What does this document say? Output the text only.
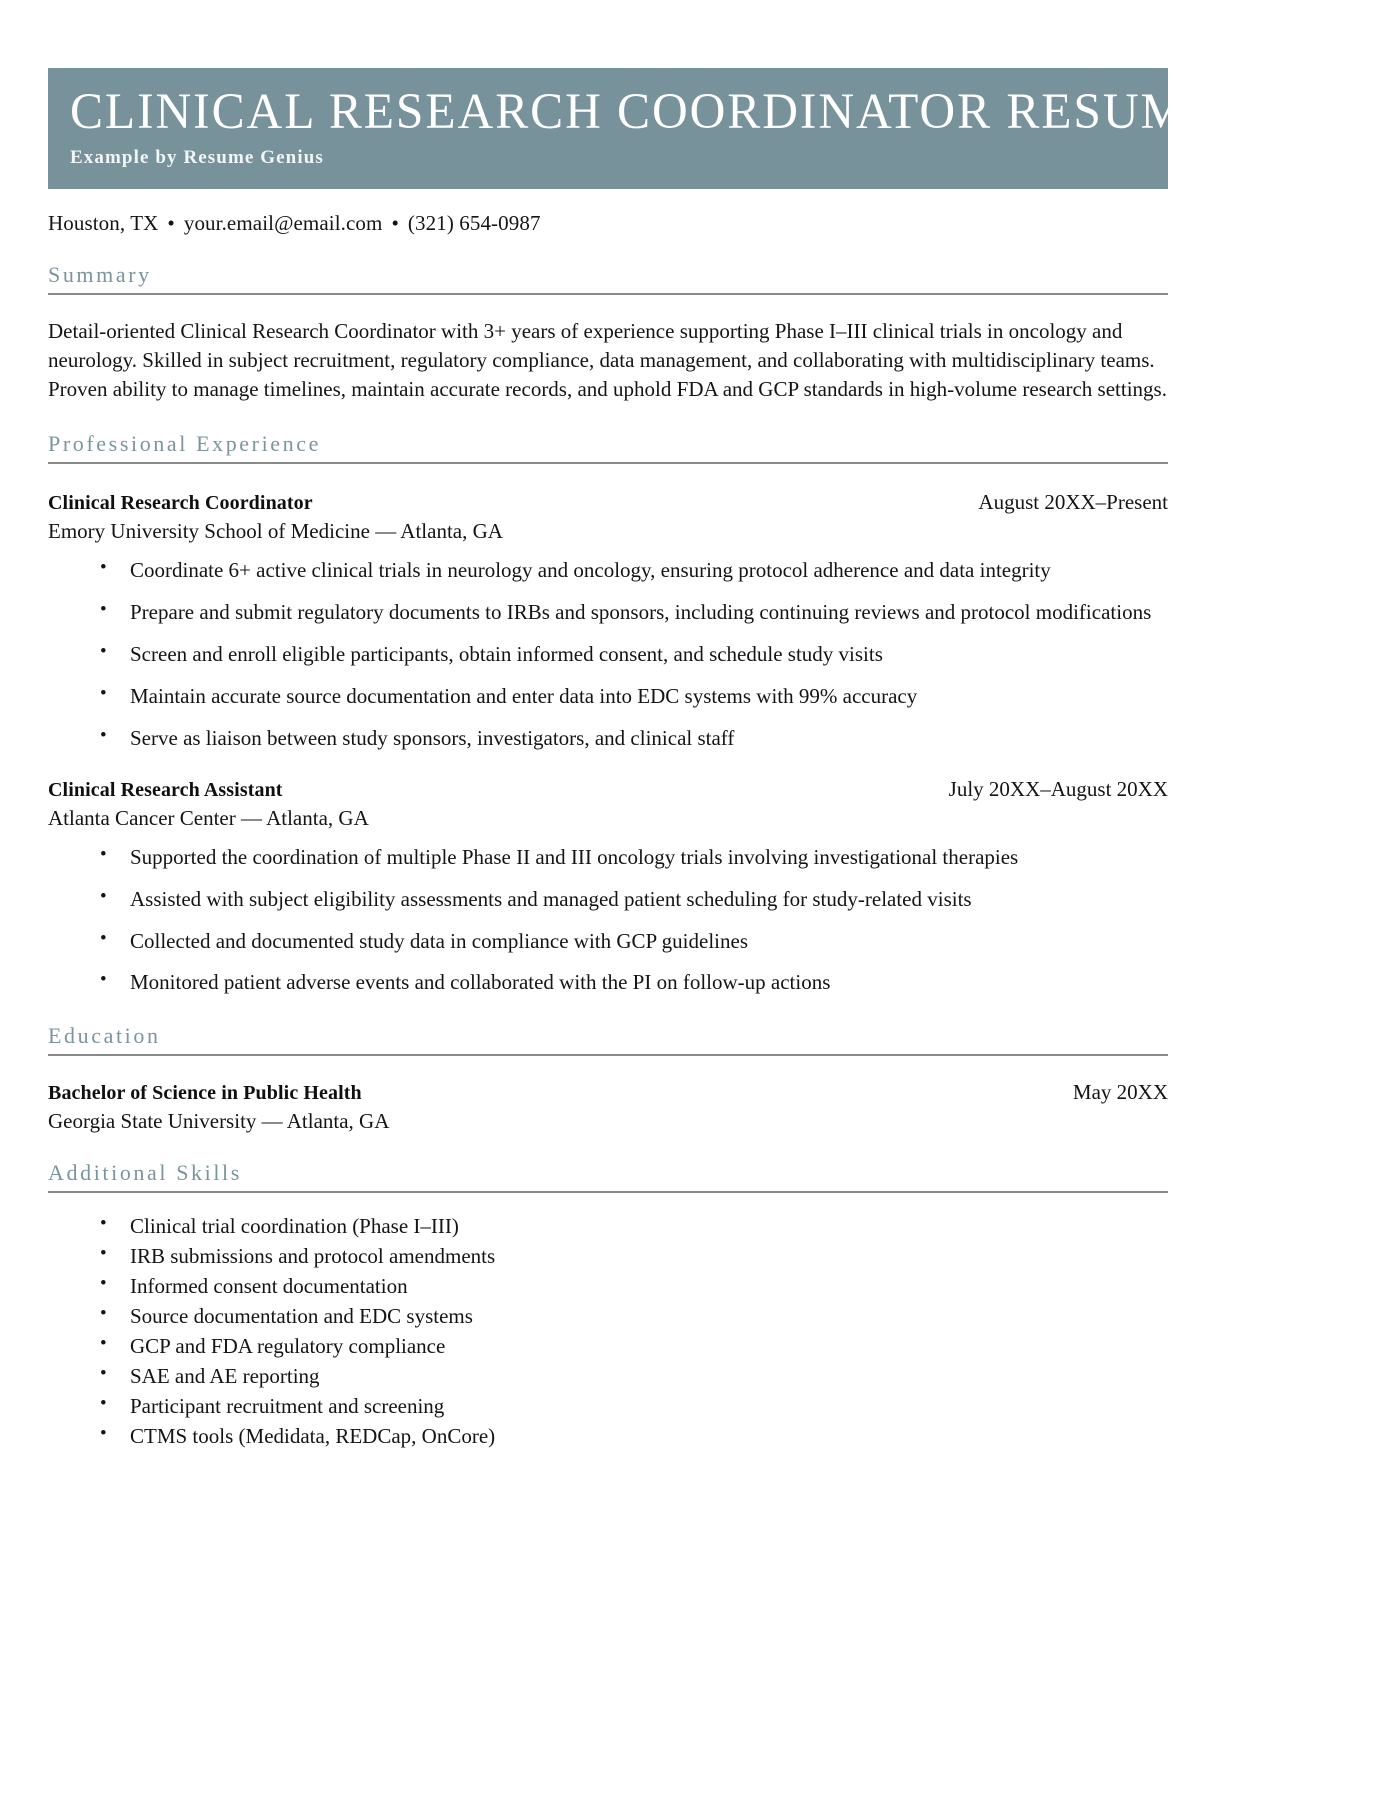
CLINICAL RESEARCH COORDINATOR RESUME
Example by Resume Genius
Houston, TX • your.email@email.com • (321) 654-0987
Summary
Detail-oriented Clinical Research Coordinator with 3+ years of experience supporting Phase I–III clinical trials in oncology and neurology. Skilled in subject recruitment, regulatory compliance, data management, and collaborating with multidisciplinary teams. Proven ability to manage timelines, maintain accurate records, and uphold FDA and GCP standards in high-volume research settings.
Professional Experience
Clinical Research Coordinator	August 20XX–Present
Emory University School of Medicine — Atlanta, GA
• Coordinate 6+ active clinical trials in neurology and oncology, ensuring protocol adherence and data integrity
• Prepare and submit regulatory documents to IRBs and sponsors, including continuing reviews and protocol modifications
• Screen and enroll eligible participants, obtain informed consent, and schedule study visits
• Maintain accurate source documentation and enter data into EDC systems with 99% accuracy
• Serve as liaison between study sponsors, investigators, and clinical staff
Clinical Research Assistant	July 20XX–August 20XX
Atlanta Cancer Center — Atlanta, GA
• Supported the coordination of multiple Phase II and III oncology trials involving investigational therapies
• Assisted with subject eligibility assessments and managed patient scheduling for study-related visits
• Collected and documented study data in compliance with GCP guidelines
• Monitored patient adverse events and collaborated with the PI on follow-up actions
Education
Bachelor of Science in Public Health	May 20XX
Georgia State University — Atlanta, GA
Additional Skills
• Clinical trial coordination (Phase I–III)
• IRB submissions and protocol amendments
• Informed consent documentation
• Source documentation and EDC systems
• GCP and FDA regulatory compliance
• SAE and AE reporting
• Participant recruitment and screening
• CTMS tools (Medidata, REDCap, OnCore)
